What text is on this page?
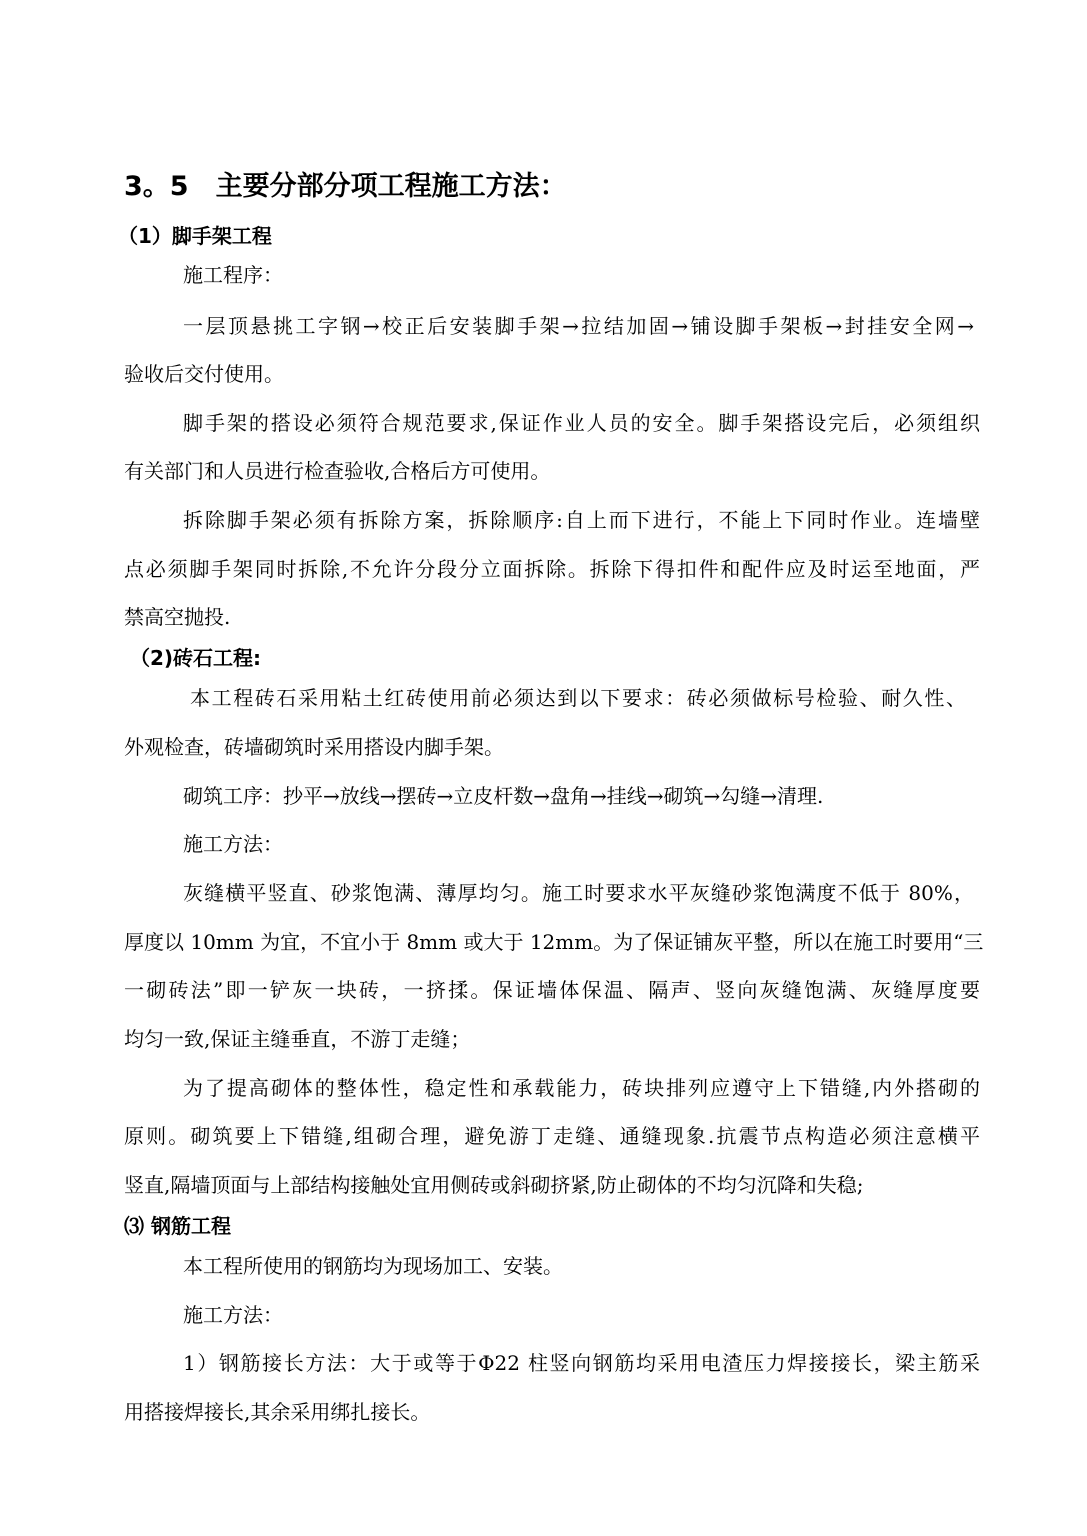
3。5　主要分部分项工程施工方法：
（1）脚手架工程
施工程序：
一层顶悬挑工字钢→校正后安装脚手架→拉结加固→铺设脚手架板→封挂安全网→
验收后交付使用。
脚手架的搭设必须符合规范要求,保证作业人员的安全。脚手架搭设完后，必须组织
有关部门和人员进行检查验收,合格后方可使用。
拆除脚手架必须有拆除方案，拆除顺序:自上而下进行，不能上下同时作业。连墙壁
点必须脚手架同时拆除,不允许分段分立面拆除。拆除下得扣件和配件应及时运至地面，严
禁高空抛投.
（2)砖石工程:
本工程砖石采用粘土红砖使用前必须达到以下要求：砖必须做标号检验、耐久性、
外观检查，砖墙砌筑时采用搭设内脚手架。
砌筑工序：抄平→放线→摆砖→立皮杆数→盘角→挂线→砌筑→勾缝→清理.
施工方法：
灰缝横平竖直、砂浆饱满、薄厚均匀。施工时要求水平灰缝砂浆饱满度不低于 80%，
厚度以 10mm 为宜，不宜小于 8mm 或大于 12mm。为了保证铺灰平整，所以在施工时要用“三
一砌砖法”即一铲灰一块砖，一挤揉。保证墙体保温、隔声、竖向灰缝饱满、灰缝厚度要
均匀一致,保证主缝垂直，不游丁走缝；
为了提高砌体的整体性，稳定性和承载能力，砖块排列应遵守上下错缝,内外搭砌的
原则。砌筑要上下错缝,组砌合理，避免游丁走缝、通缝现象.抗震节点构造必须注意横平
竖直,隔墙顶面与上部结构接触处宜用侧砖或斜砌挤紧,防止砌体的不均匀沉降和失稳;
⑶ 钢筋工程
本工程所使用的钢筋均为现场加工、安装。
施工方法：
1）钢筋接长方法：大于或等于Φ22 柱竖向钢筋均采用电渣压力焊接接长，梁主筋采
用搭接焊接长,其余采用绑扎接长。
